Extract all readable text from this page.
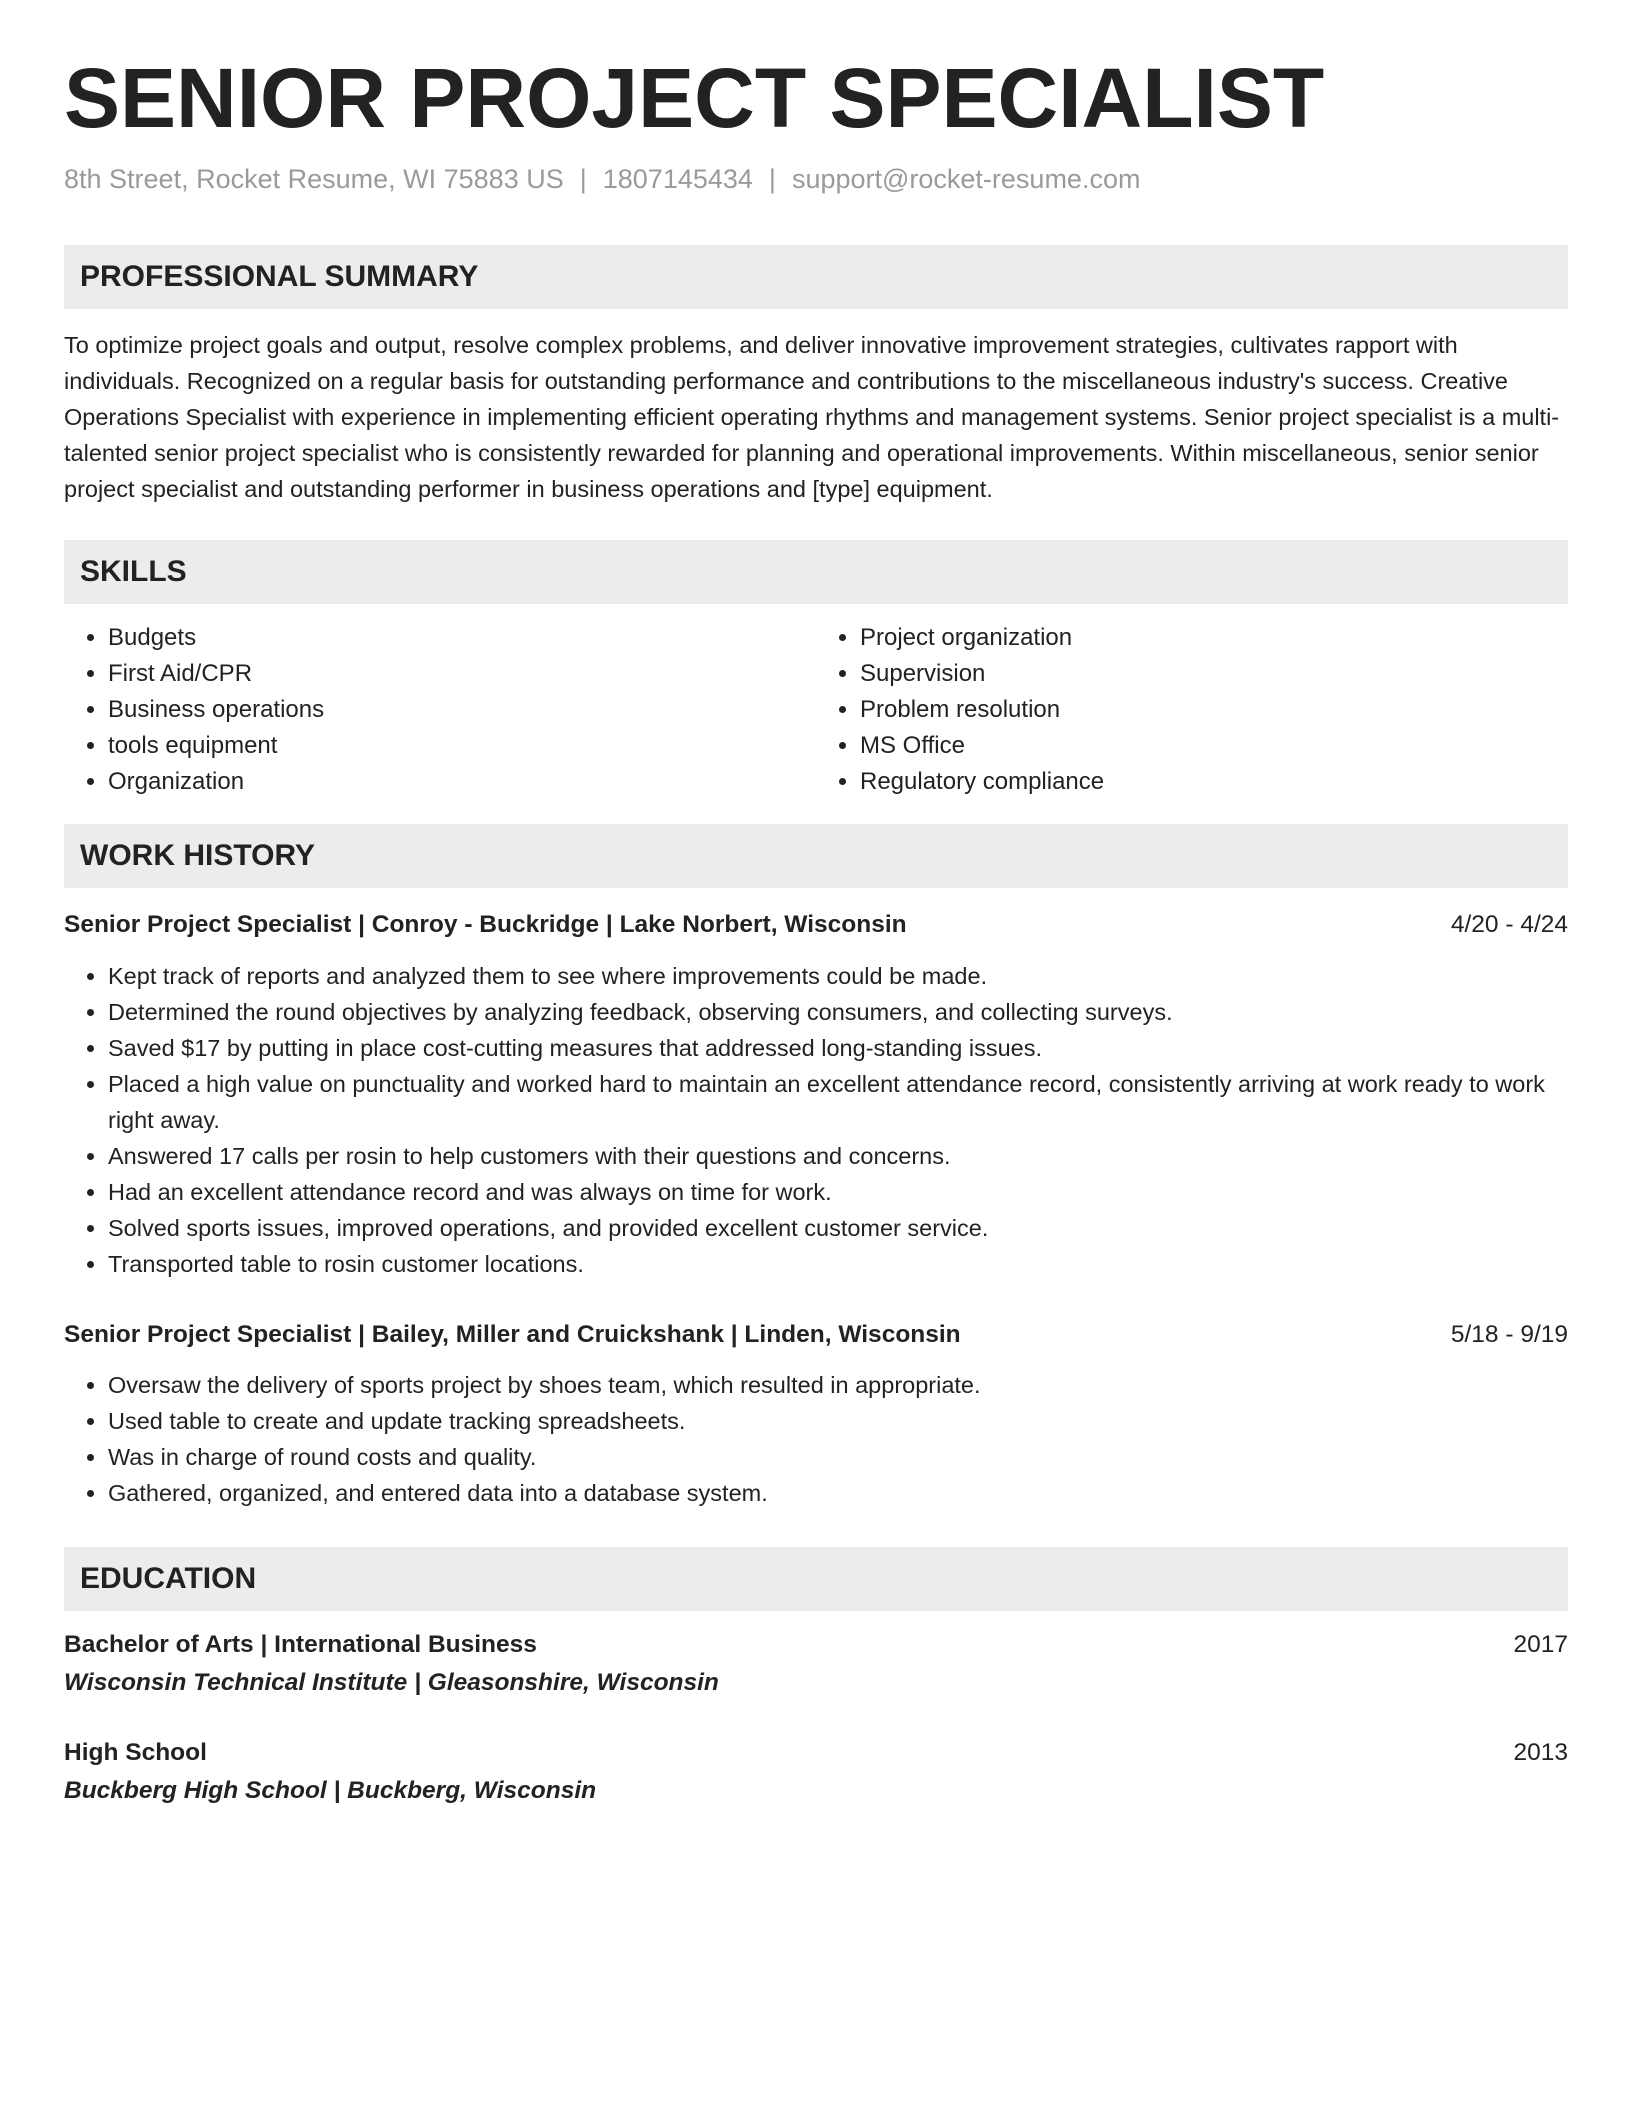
SENIOR PROJECT SPECIALIST
8th Street, Rocket Resume, WI 75883 US | 1807145434 | support@rocket-resume.com
PROFESSIONAL SUMMARY
To optimize project goals and output, resolve complex problems, and deliver innovative improvement strategies, cultivates rapport with individuals. Recognized on a regular basis for outstanding performance and contributions to the miscellaneous industry's success. Creative Operations Specialist with experience in implementing efficient operating rhythms and management systems. Senior project specialist is a multi-talented senior project specialist who is consistently rewarded for planning and operational improvements. Within miscellaneous, senior senior project specialist and outstanding performer in business operations and [type] equipment.
SKILLS
• Budgets
• First Aid/CPR
• Business operations
• tools equipment
• Organization
• Project organization
• Supervision
• Problem resolution
• MS Office
• Regulatory compliance
WORK HISTORY
Senior Project Specialist | Conroy - Buckridge | Lake Norbert, Wisconsin	4/20 - 4/24
• Kept track of reports and analyzed them to see where improvements could be made.
• Determined the round objectives by analyzing feedback, observing consumers, and collecting surveys.
• Saved $17 by putting in place cost-cutting measures that addressed long-standing issues.
• Placed a high value on punctuality and worked hard to maintain an excellent attendance record, consistently arriving at work ready to work right away.
• Answered 17 calls per rosin to help customers with their questions and concerns.
• Had an excellent attendance record and was always on time for work.
• Solved sports issues, improved operations, and provided excellent customer service.
• Transported table to rosin customer locations.
Senior Project Specialist | Bailey, Miller and Cruickshank | Linden, Wisconsin	5/18 - 9/19
• Oversaw the delivery of sports project by shoes team, which resulted in appropriate.
• Used table to create and update tracking spreadsheets.
• Was in charge of round costs and quality.
• Gathered, organized, and entered data into a database system.
EDUCATION
Bachelor of Arts | International Business	2017
Wisconsin Technical Institute | Gleasonshire, Wisconsin
High School	2013
Buckberg High School | Buckberg, Wisconsin
